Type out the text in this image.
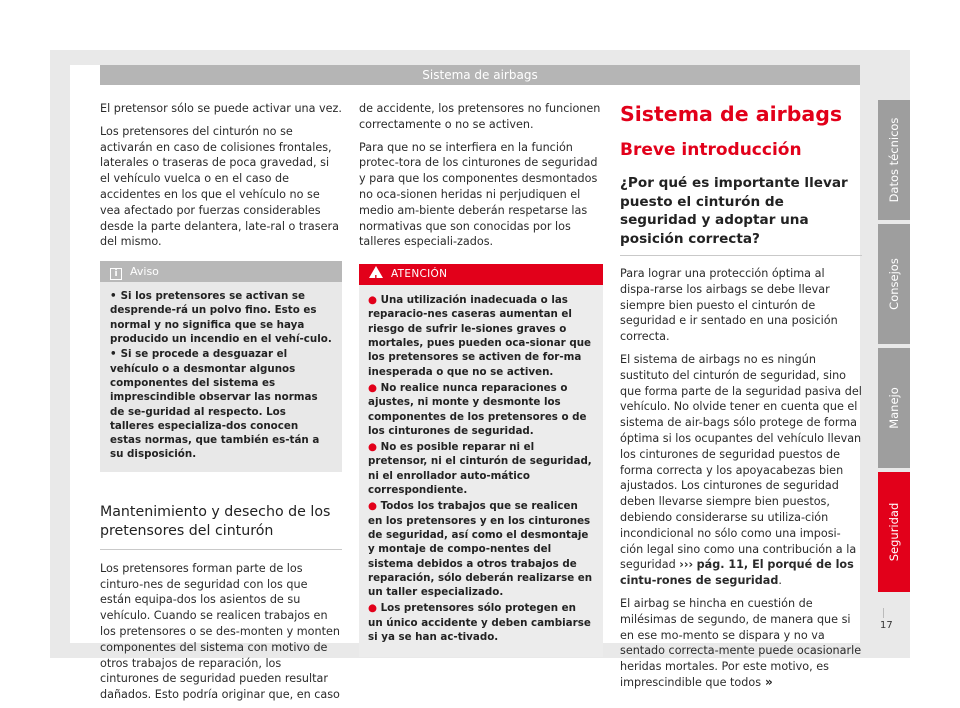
Sistema de airbags

El pretensor sólo se puede activar una vez.

Los pretensores del cinturón no se activarán en caso de colisiones frontales, laterales o traseras de poca gravedad, si el vehículo vuelca o en el caso de accidentes en los que el vehículo no se vea afectado por fuerzas considerables desde la parte delantera, late-ral o trasera del mismo.

i Aviso
• Si los pretensores se activan se desprende-rá un polvo fino. Esto es normal y no significa que se haya producido un incendio en el vehí-culo.
• Si se procede a desguazar el vehículo o a desmontar algunos componentes del sistema es imprescindible observar las normas de se-guridad al respecto. Los talleres especializa-dos conocen estas normas, que también es-tán a su disposición.
Mantenimiento y desecho de los pretensores del cinturón

Los pretensores forman parte de los cinturo-nes de seguridad con los que están equipa-dos los asientos de su vehículo. Cuando se realicen trabajos en los pretensores o se des-monten y monten componentes del sistema con motivo de otros trabajos de reparación, los cinturones de seguridad pueden resultar dañados. Esto podría originar que, en caso

de accidente, los pretensores no funcionen correctamente o no se activen.

Para que no se interfiera en la función protec-tora de los cinturones de seguridad y para que los componentes desmontados no oca-sionen heridas ni perjudiquen el medio am-biente deberán respetarse las normativas que son conocidas por los talleres especiali-zados.

! ATENCIÓN
● Una utilización inadecuada o las reparacio-nes caseras aumentan el riesgo de sufrir le-siones graves o mortales, pues pueden oca-sionar que los pretensores se activen de for-ma inesperada o que no se activen.
● No realice nunca reparaciones o ajustes, ni monte y desmonte los componentes de los pretensores o de los cinturones de seguridad.
● No es posible reparar ni el pretensor, ni el cinturón de seguridad, ni el enrollador auto-mático correspondiente.
● Todos los trabajos que se realicen en los pretensores y en los cinturones de seguridad, así como el desmontaje y montaje de compo-nentes del sistema debidos a otros trabajos de reparación, sólo deberán realizarse en un taller especializado.
● Los pretensores sólo protegen en un único accidente y deben cambiarse si ya se han ac-tivado.
Sistema de airbags
Breve introducción
¿Por qué es importante llevar puesto el cinturón de seguridad y adoptar una posición correcta?

Para lograr una protección óptima al dispa-rarse los airbags se debe llevar siempre bien puesto el cinturón de seguridad e ir sentado en una posición correcta.

El sistema de airbags no es ningún sustituto del cinturón de seguridad, sino que forma parte de la seguridad pasiva del vehículo. No olvide tener en cuenta que el sistema de air-bags sólo protege de forma óptima si los ocupantes del vehículo llevan los cinturones de seguridad puestos de forma correcta y los apoyacabezas bien ajustados. Los cinturones de seguridad deben llevarse siempre bien puestos, debiendo considerarse su utiliza-ción incondicional no sólo como una imposi-ción legal sino como una contribución a la seguridad ››› pág. 11, El porqué de los cintu-rones de seguridad.

El airbag se hincha en cuestión de milésimas de segundo, de manera que si en ese mo-mento se dispara y no va sentado correcta-mente puede ocasionarle heridas mortales. Por este motivo, es imprescindible que todos »

Datos técnicos
Consejos
Manejo
Seguridad
17
